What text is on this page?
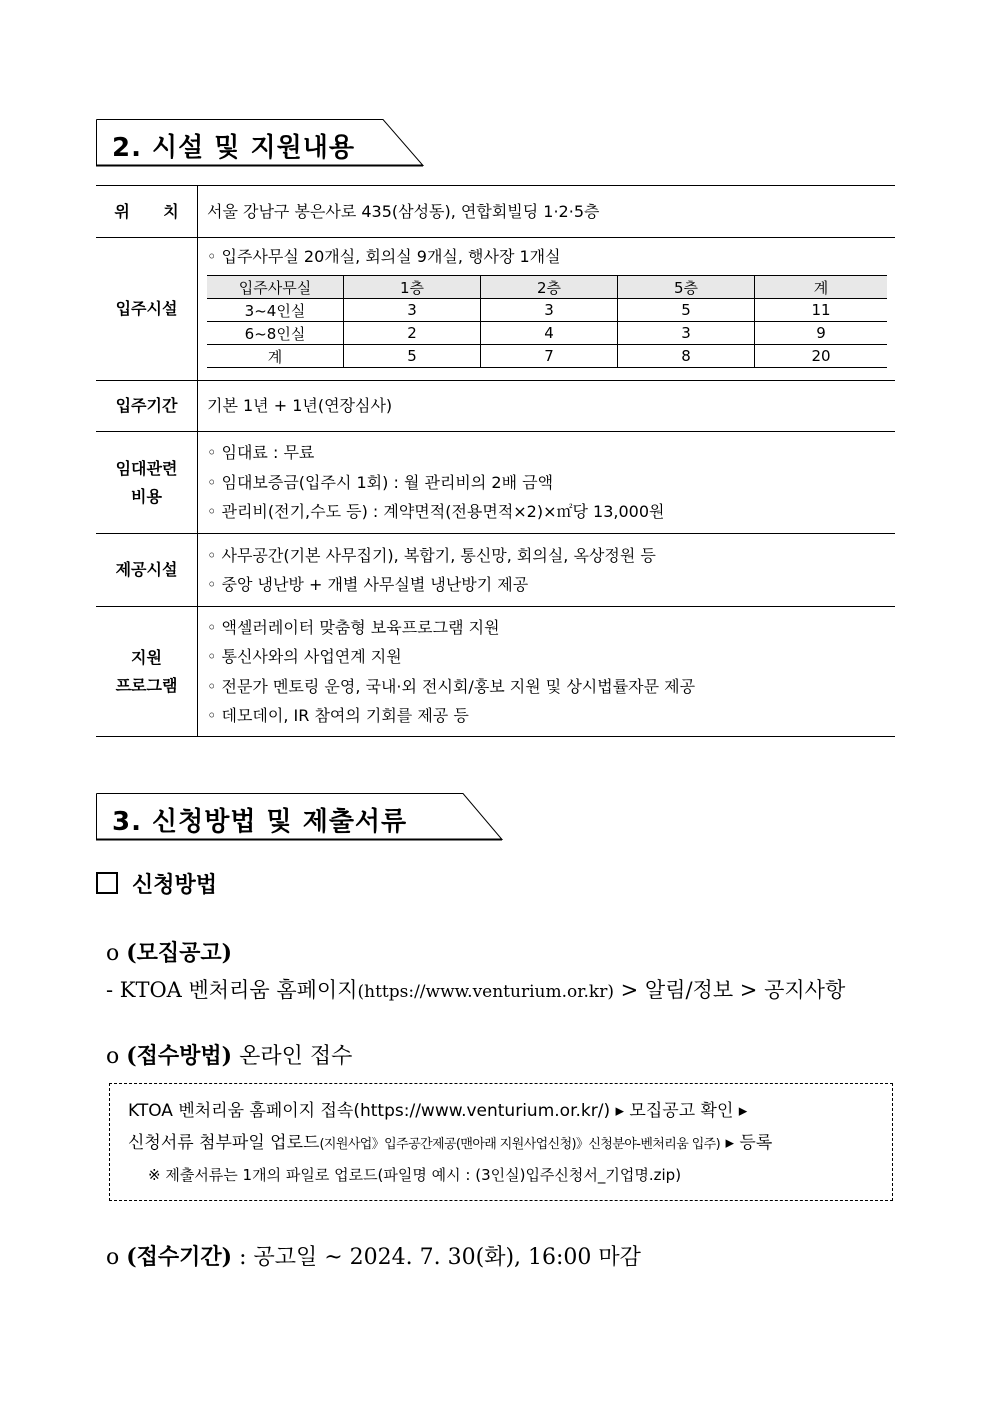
2. 시설 및 지원내용
위      치	서울 강남구 봉은사로 435(삼성동), 연합회빌딩 1·2·5층

입주시설	
◦ 입주사무실 20개실, 회의실 9개실, 행사장 1개실
입주사무실	1층	2층	5층	계
3~4인실	3	3	5	11
6~8인실	2	4	3	9
계	5	7	8	20

입주기간	기본 1년 + 1년(연장심사)

임대관련
비용

◦ 임대료 : 무료
◦ 임대보증금(입주시 1회) : 월 관리비의 2배 금액
◦ 관리비(전기,수도 등) : 계약면적(전용면적×2)×㎡당 13,000원

제공시설	
◦ 사무공간(기본 사무집기), 복합기, 통신망, 회의실, 옥상정원 등
◦ 중앙 냉난방 + 개별 사무실별 냉난방기 제공

지원
프로그램

◦ 액셀러레이터 맞춤형 보육프로그램 지원
◦ 통신사와의 사업연계 지원
◦ 전문가 멘토링 운영, 국내·외 전시회/홍보 지원 및 상시법률자문 제공
◦ 데모데이, IR 참여의 기회를 제공 등
3. 신청방법 및 제출서류
신청방법
o (모집공고)
- KTOA 벤처리움 홈페이지(https://www.venturium.or.kr) > 알림/정보 > 공지사항
o (접수방법) 온라인 접수
KTOA 벤처리움 홈페이지 접속(https://www.venturium.or.kr/) ▸ 모집공고 확인 ▸
신청서류 첨부파일 업로드(지원사업》입주공간제공(맨아래 지원사업신청)》신청분야-벤처리움 입주) ▸ 등록
※ 제출서류는 1개의 파일로 업로드(파일명 예시 : (3인실)입주신청서_기업명.zip)
o (접수기간) : 공고일 ~ 2024. 7. 30(화), 16:00 마감
